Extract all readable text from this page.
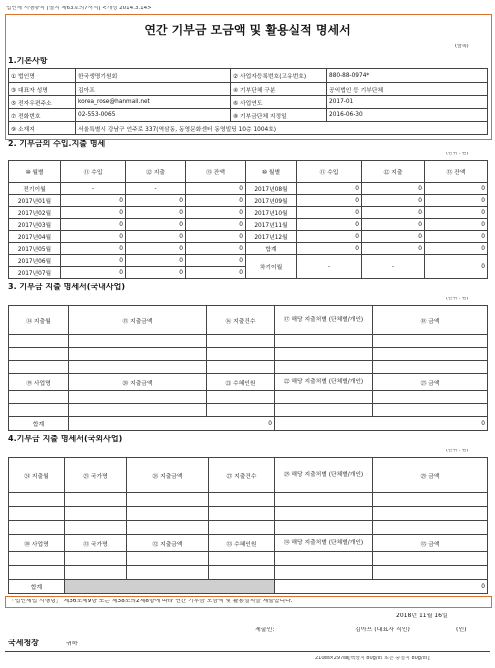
법인세 시행규칙 [별지 제63호의7서식] <개정 2014.3.14>
연간 기부금 모금액 및 활용실적 명세서
(앞쪽)
1.기본사항
① 법인명	한국생명기원회	② 사업자등록번호(고유번호)	880-88-0974*
③ 대표자 성명	김아프	④ 기부단체 구분	공익법인 등 기부단체
⑤ 전자우편주소	korea_rose@hanmail.net	⑥ 사업연도	2017-01
⑦ 전화번호	02-553-0065	⑧ 기부금단체 지정일	2016-06-30
⑨ 소재지	서울특별시 강남구 언주로 337(역삼동, 동영문화센터 동영빌딩 10층 1004호)		
2. 기부금의 수입.지출 명세
(단위 : 원)
⑩ 월별	⑪ 수입	⑫ 지출	⑬ 잔액	⑩ 월별	⑪ 수입	⑫ 지출	⑬ 잔액
전기이월	-	-	0	2017년08월	0	0	0
2017년01월	0	0	0	2017년09월	0	0	0
2017년02월	0	0	0	2017년10월	0	0	0
2017년03월	0	0	0	2017년11월	0	0	0
2017년04월	0	0	0	2017년12월	0	0	0
2017년05월	0	0	0	합계	0	0	0
2017년06월	0	0	0	차기이월	-	-	0
2017년07월	0	0	0				
3. 기부금 지출 명세서(국내사업)
(단위 : 원)
⑭ 지출월	⑮ 지출금액	⑯ 지출건수	⑰ 해당 지출처별 (단체별/개인)	⑱ 금액

⑲ 사업명	⑳ 지출금액	㉑ 수혜인원	㉒ 해당 지출처별 (단체별/개인)	㉓ 금액

합계	0		0	
4.기부금 지출 명세서(국외사업)
(단위 : 원)
㉔ 지출월	㉕ 국가명	㉖ 지출금액	㉗ 지출건수	㉘ 해당 지출처별 (단체별/개인)	㉙ 금액

㉚ 사업명	㉛ 국가명	㉜ 지출금액	㉝ 수혜인원	㉞ 해당 지출처별 (단체별/개인)	㉟ 금액

합계				0	
「법인세법 시행령」 제36조제9항 또는 제38조의2제8항에 따라 연간 기부금 모금액 및 활용실적을 제출합니다.
2018년 11월 16일
제출인:	김아프 (대표자 직인)	(인)
국세청장	귀하
210㎜×297㎜[백상지 80g/㎡ 또는 중질지 80g/㎡]
